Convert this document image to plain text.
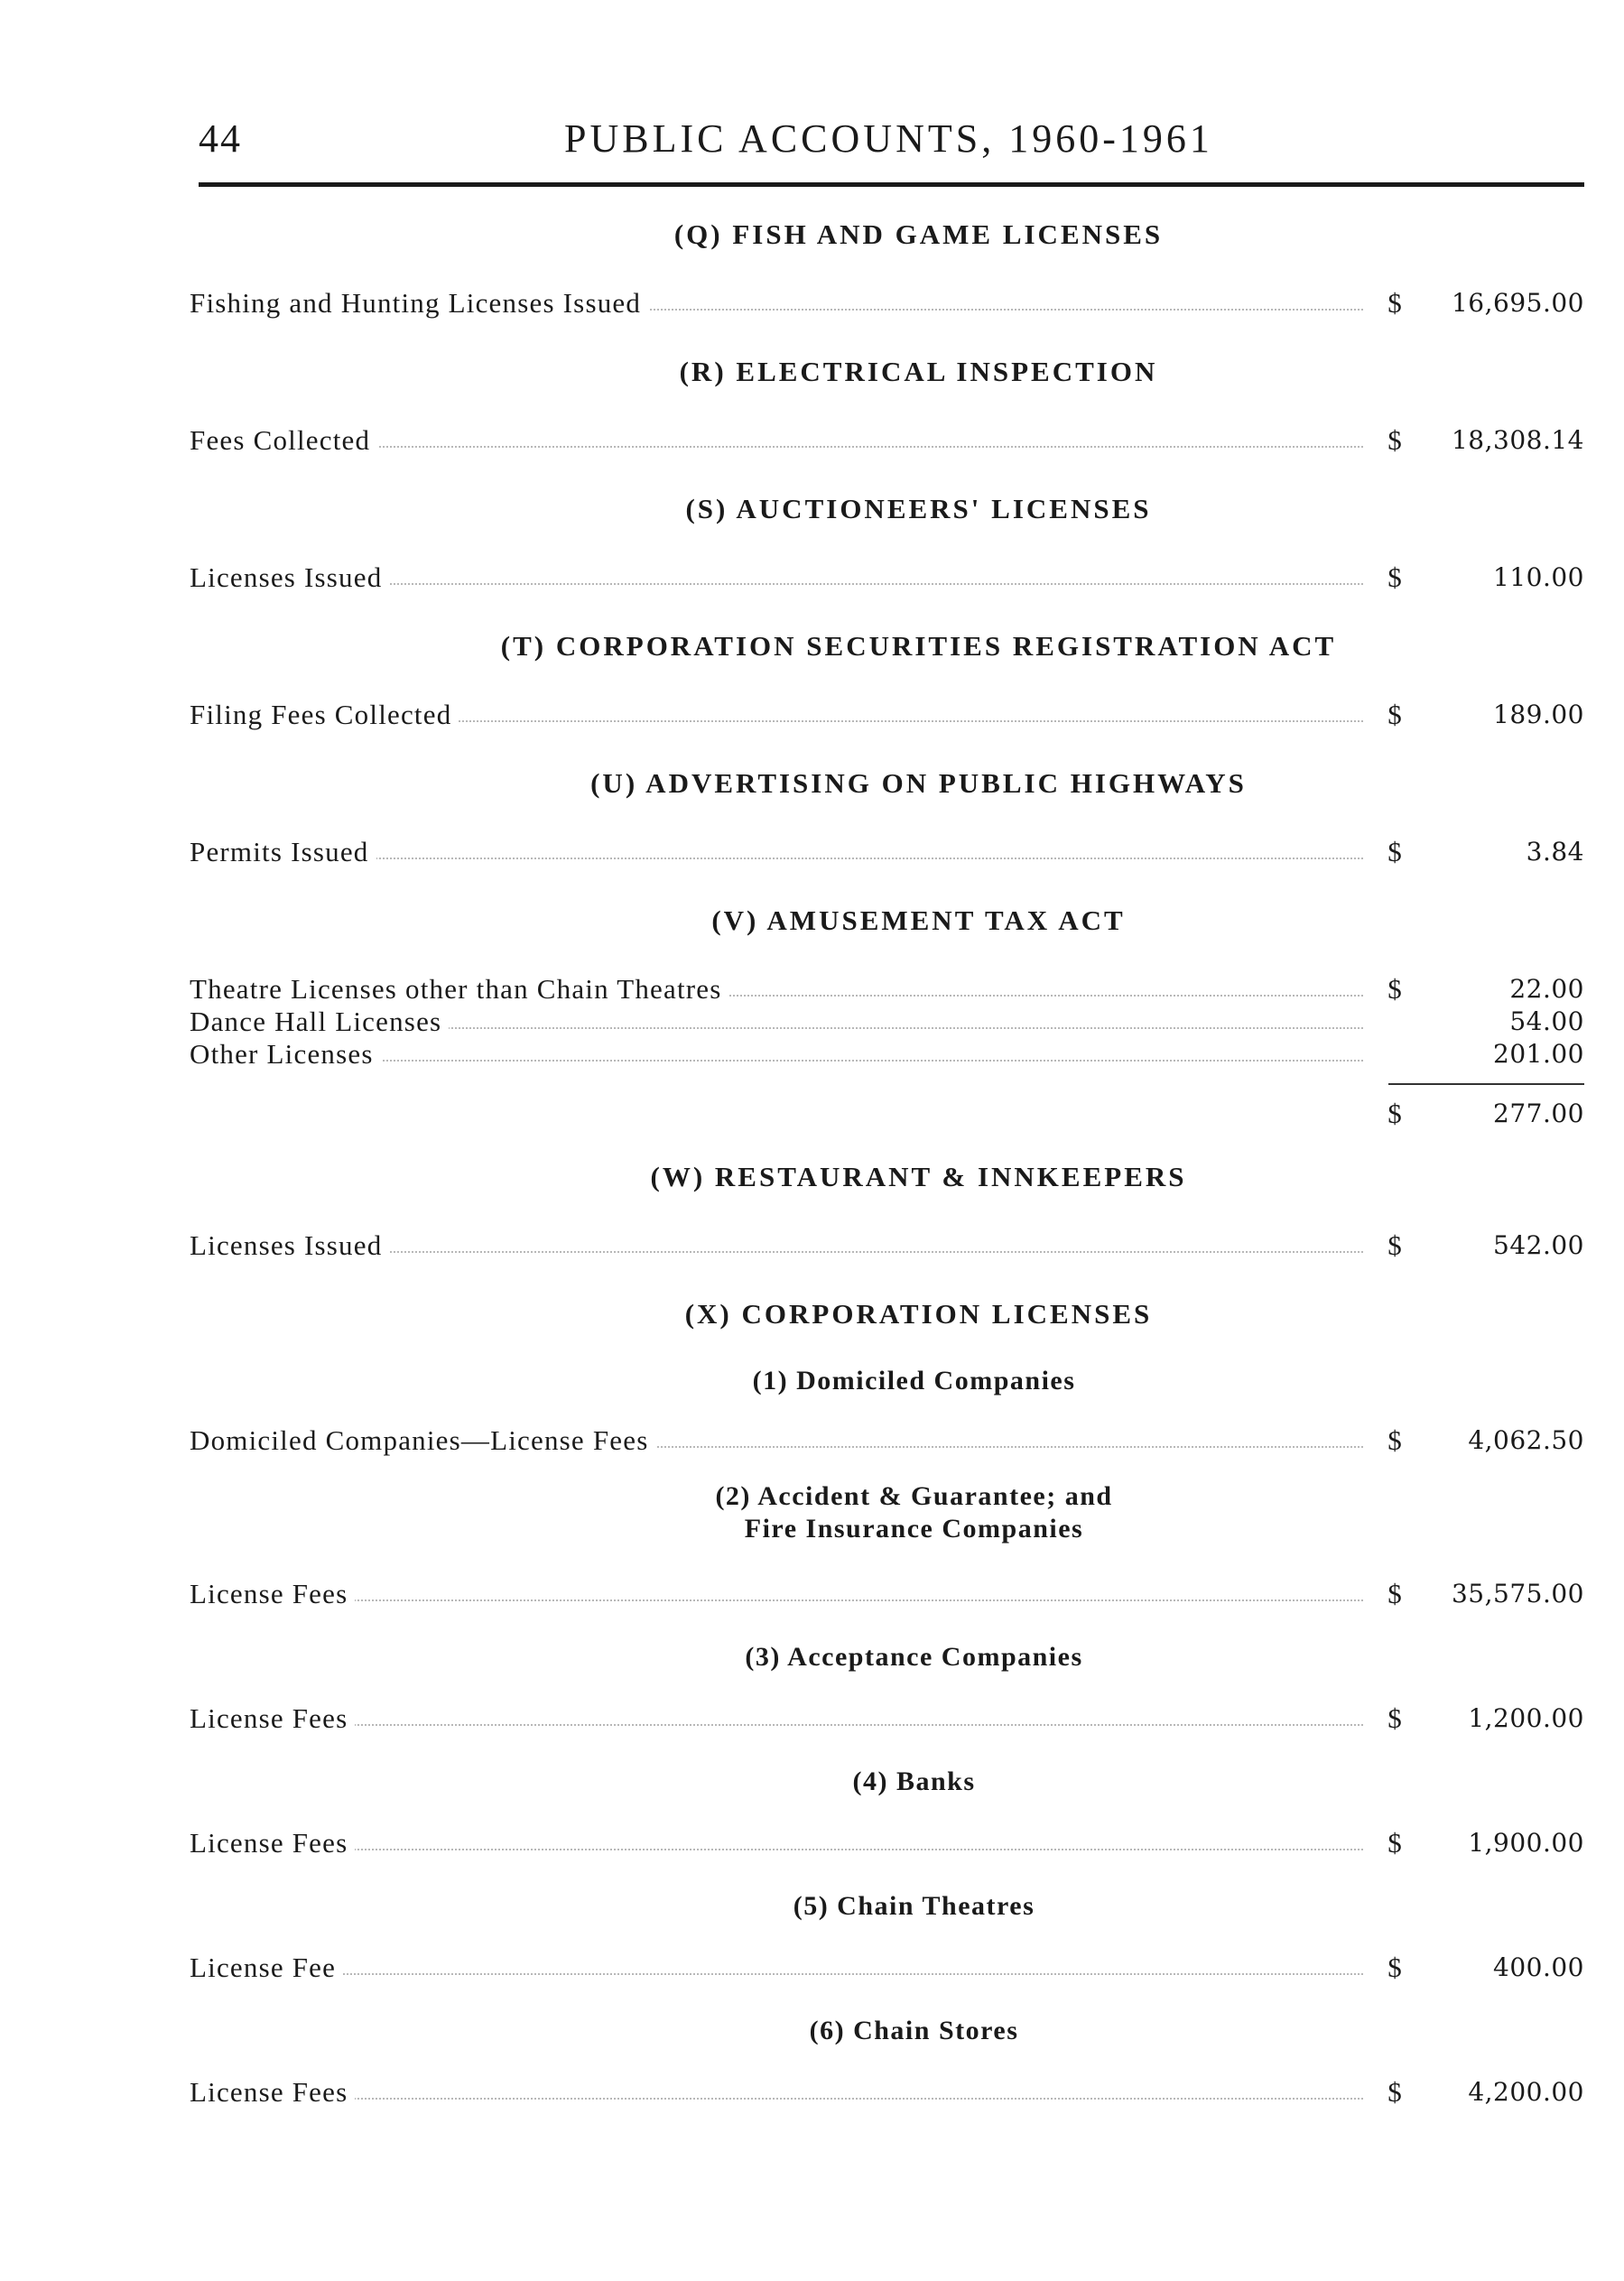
44	PUBLIC ACCOUNTS, 1960-1961
(Q) FISH AND GAME LICENSES
Fishing and Hunting Licenses Issued	$ 16,695.00
(R) ELECTRICAL INSPECTION
Fees Collected	$ 18,308.14
(S) AUCTIONEERS' LICENSES
Licenses Issued	$	110.00
(T) CORPORATION SECURITIES REGISTRATION ACT
Filing Fees Collected	$	189.00
(U) ADVERTISING ON PUBLIC HIGHWAYS
Permits Issued	$	3.84
(V) AMUSEMENT TAX ACT
Theatre Licenses other than Chain Theatres	$	22.00
Dance Hall Licenses	54.00
Other Licenses	201.00
$	277.00
(W) RESTAURANT & INNKEEPERS
Licenses Issued	$	542.00
(X) CORPORATION LICENSES
(1) Domiciled Companies
Domiciled Companies—License Fees	$	4,062.50
(2) Accident & Guarantee; and
Fire Insurance Companies
License Fees	$ 35,575.00
(3) Acceptance Companies
License Fees	$	1,200.00
(4) Banks
License Fees	$	1,900.00
(5) Chain Theatres
License Fee	$	400.00
(6) Chain Stores
License Fees	$	4,200.00
